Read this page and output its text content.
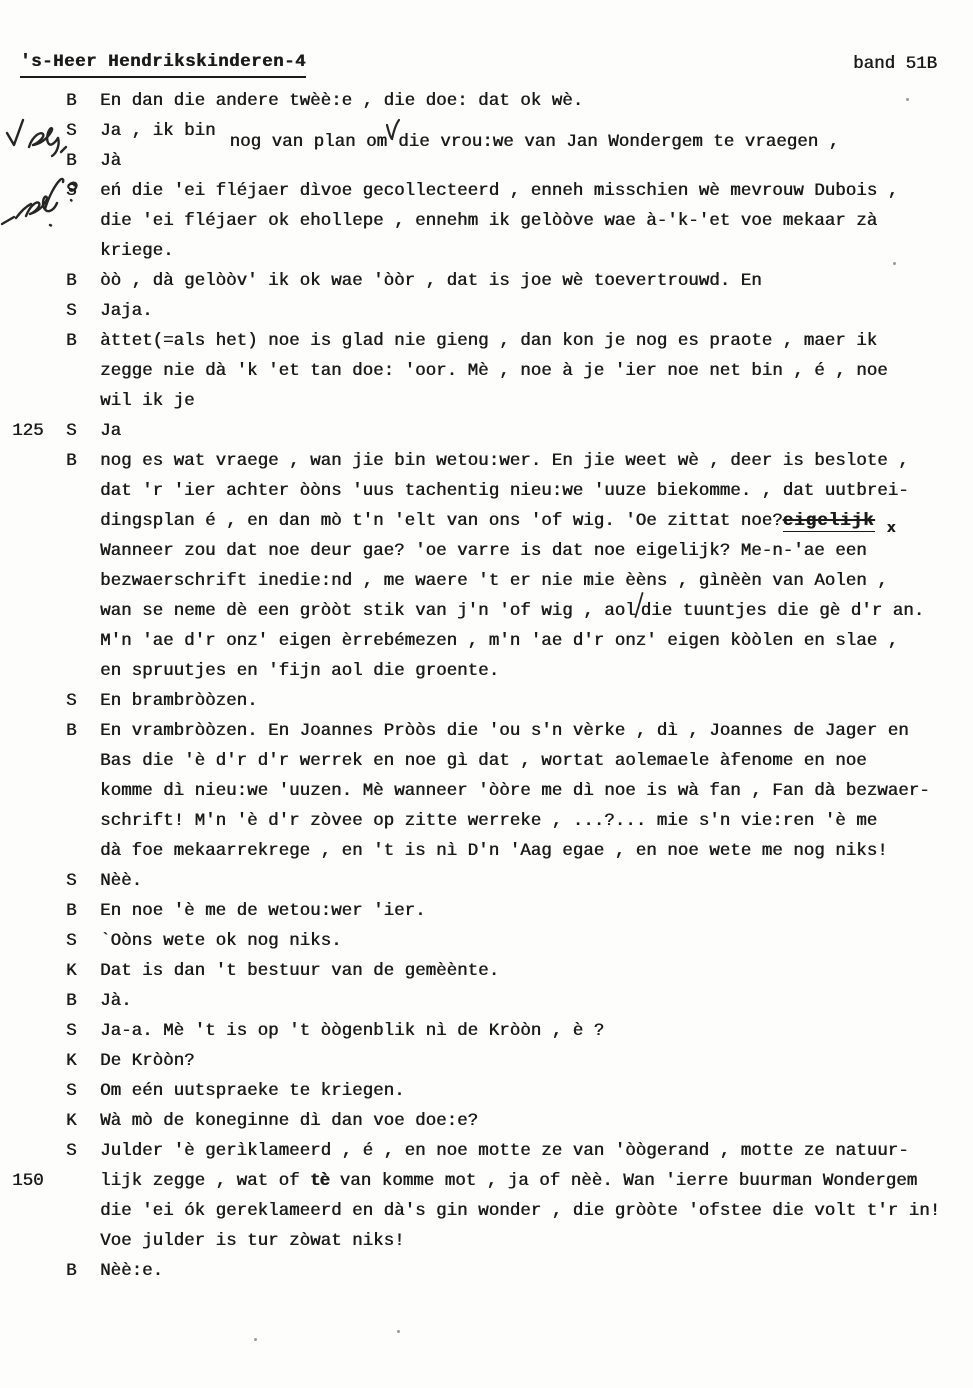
's-Heer Hendrikskinderen-4	band 51B
B	En dan die andere twèè:e , die doe: dat ok wè.
S	Ja , ik binnog van plan om die vrou:we van Jan Wondergem te vraegen ,
B	Jà
S	eń die 'ei fléjaer dìvoe gecollecteerd , enneh misschien wè mevrouw Dubois ,
die 'ei fléjaer ok ehollepe , ennehm ik gelòòve wae à-'k-'et voe mekaar zà
kriege.
B	òò , dà gelòòv' ik ok wae 'òòr , dat is joe wè toevertrouwd. En
S	Jaja.
B	àttet(=als het) noe is glad nie gieng , dan kon je nog es praote , maer ik
zegge nie dà 'k 'et tan doe: 'oor. Mè , noe à je 'ier noe net bin , é , noe
wil ik je
125	S	Ja
B	nog es wat vraege , wan jie bin wetou:wer. En jie weet wè , deer is beslote ,
dat 'r 'ier achter òòns 'uus tachentig nieu:we 'uuze biekomme. , dat uutbrei-
dingsplan é , en dan mò t'n 'elt van ons 'of wig. 'Oe zittat noe?eigelijk x
Wanneer zou dat noe deur gae? 'oe varre is dat noe eigelijk? Me-n-'ae een
bezwaerschrift inedie:nd , me waere 't er nie mie èèns , gìnèèn van Aolen ,
wan se neme dè een gròòt stik van j'n 'of wig , aol die tuuntjes die gè d'r an.
M'n 'ae d'r onz' eigen èrrebémezen , m'n 'ae d'r onz' eigen kòòlen en slae ,
en spruutjes en 'fijn aol die groente.
S	En brambròòzen.
B	En vrambròòzen. En Joannes Pròòs die 'ou s'n vèrke , dì , Joannes de Jager en
Bas die 'è d'r d'r werrek en noe gì dat , wortat aolemaele àfenome en noe
komme dì nieu:we 'uuzen. Mè wanneer 'òòre me dì noe is wà fan , Fan dà bezwaer-
schrift! M'n 'è d'r zòvee op zitte werreke , ...?... mie s'n vie:ren 'è me
dà foe mekaarrekrege , en 't is nì D'n 'Aag egae , en noe wete me nog niks!
S	Nèè.
B	En noe 'è me de wetou:wer 'ier.
S	`Oòns wete ok nog niks.
K	Dat is dan 't bestuur van de gemèènte.
B	Jà.
S	Ja-a. Mè 't is op 't òògenblik nì de Kròòn , è ?
K	De Kròòn?
S	Om eén uutspraeke te kriegen.
K	Wà mò de koneginne dì dan voe doe:e?
S	Julder 'è gerìklameerd , é , en noe motte ze van 'òògerand , motte ze natuur-
150	lijk zegge , wat of tè van komme mot , ja of nèè. Wan 'ierre buurman Wondergem
die 'ei ók gereklameerd en dà's gin wonder , die gròòte 'ofstee die volt t'r in!
Voe julder is tur zòwat niks!
B	Nèè:e.
